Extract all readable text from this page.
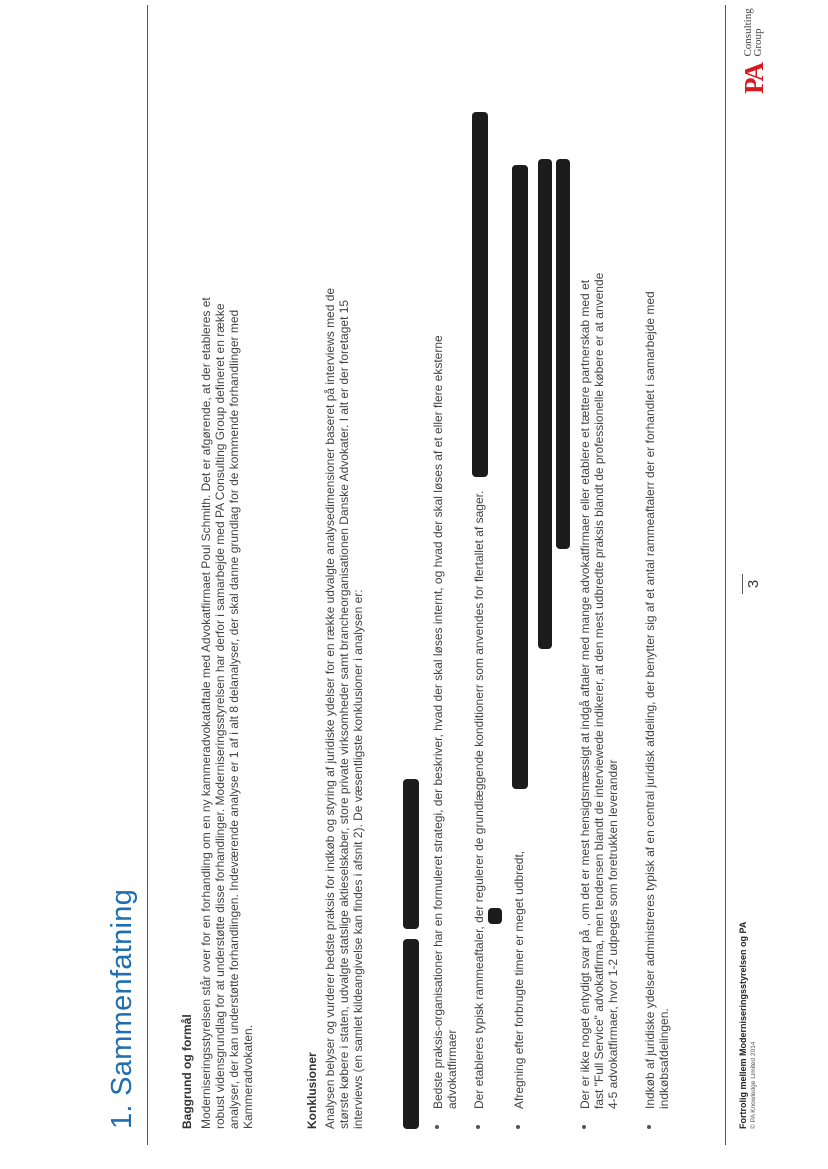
1. Sammenfatning	Baggrund og formål Moderniseringsstyrelsen står over for en forhandling om en ny kammeradvokataftale med Advokatfirmaet Poul Schmith. Det er afgørende, at der etableres et robust vidensgrundlag for at understøtte disse forhandlinger. Moderniseringsstyrelsen har derfor i samarbejde med PA Consulting Group defineret en række analyser, der kan understøtte forhandlingen. Indeværende analyse er 1 af i alt 8 delanalyser, der skal danne grundlag for de kommende forhandlinger med Kammeradvokaten.	Konklusioner Analysen belyser og vurderer bedste praksis for indkøb og styring af juridiske ydelser for en række udvalgte analysedimensioner baseret på interviews med de største købere i staten, udvalgte statslige aktieselskaber, store private virksomheder samt brancheorganisationen Danske Advokater. I alt er der foretaget 15 interviews (en samlet kildeangivelse kan findes i afsnit 2). De væsentligste konklusioner i analysen er:	Bedste praksis-organisationer har en formuleret strategi, der beskriver, hvad der skal løses internt, og hvad der skal løses af et eller flere eksterne advokatfirmaer Der etableres typisk rammeaftaler, der regulerer de grundlæggende konditionerr som anvendes for flertallet af sager. Afregning efter forbrugte timer er meget udbredt,	Der er ikke noget éntydigt svar på , om det er mest hensigtsmæssigt at indgå aftaler med mange advokatfirmaer eller etablere et tættere partnerskab med et fast "Full Service" advokatfirma, men tendensen blandt de interviewede indikerer, at den mest udbredte praksis blandt de professionelle købere er at anvende 4-5 advokatfirmaer, hvor 1-2 udpeges som foretrukken leverandør Indkøb af juridiske ydelser administreres typisk af en central juridisk afdeling, der benytter sig af et antal rammeaftalerr der er forhandlet i samarbejde med indkøbsafdelingen.	Fortrolig mellem Moderniseringsstyrelsen og PA © PA Knowledge Limited 2014
3
PA
Consulting
Group
